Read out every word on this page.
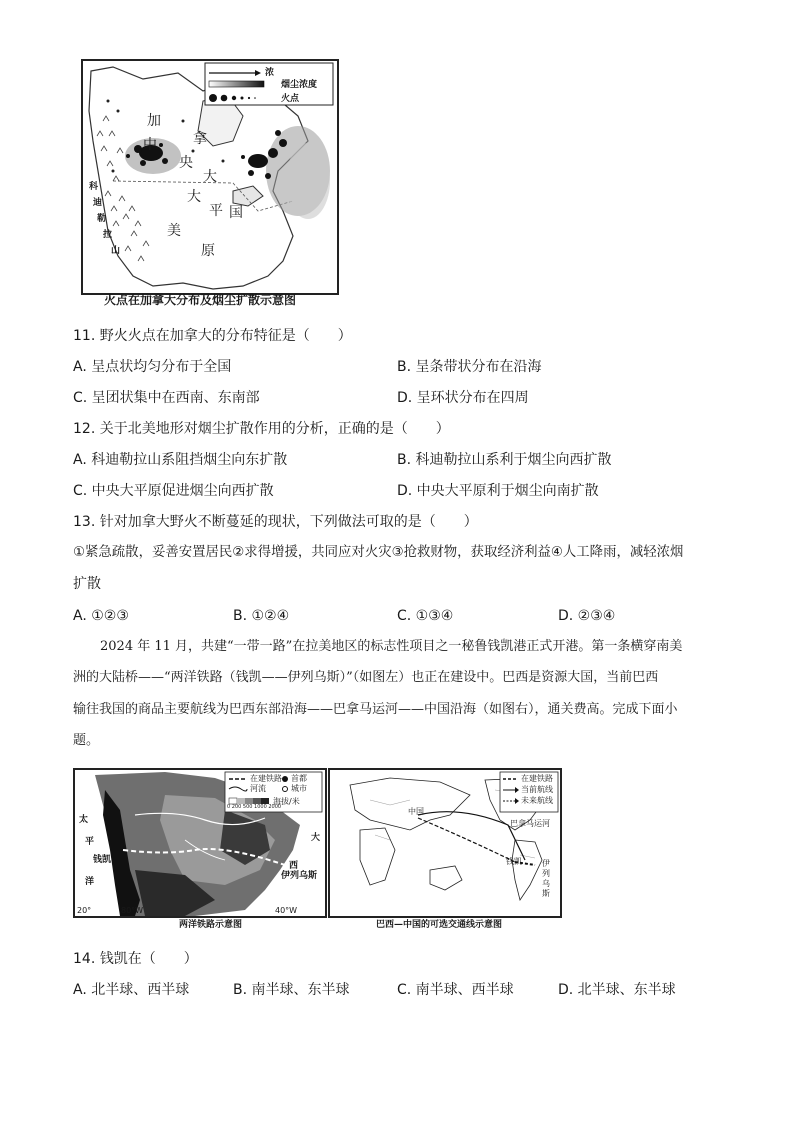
浓
烟尘浓度
火点
加
拿
大
中
央
大
平
原
美
国
科
迪
勒
拉
山
火点在加拿大分布及烟尘扩散示意图
11. 野火火点在加拿大的分布特征是（　　）
A. 呈点状均匀分布于全国	B. 呈条带状分布在沿海
C. 呈团状集中在西南、东南部	D. 呈环状分布在四周
12. 关于北美地形对烟尘扩散作用的分析，正确的是（　　）
A. 科迪勒拉山系阻挡烟尘向东扩散	B. 科迪勒拉山系利于烟尘向西扩散
C. 中央大平原促进烟尘向西扩散	D. 中央大平原利于烟尘向南扩散
13. 针对加拿大野火不断蔓延的现状，下列做法可取的是（　　）
①紧急疏散，妥善安置居民②求得增援，共同应对火灾③抢救财物，获取经济利益④人工降雨，减轻浓烟
扩散
A. ①②③	B. ①②④	C. ①③④	D. ②③④
2024 年 11 月，共建“一带一路”在拉美地区的标志性项目之一秘鲁钱凯港正式开港。第一条横穿南美
洲的大陆桥——“两洋铁路（钱凯——伊列乌斯）”（如图左）也正在建设中。巴西是资源大国，当前巴西
输往我国的商品主要航线为巴西东部沿海——巴拿马运河——中国沿海（如图右），通关费高。完成下面小
题。
在建铁路 首都
河流	城市
0 200 500 1000 2000
海拔/米
太
平
洋
钱凯
大
西
伊列乌斯
20°	80°W	40°W
两洋铁路示意图
在建铁路
当前航线
未来航线
中国
巴拿马运河
钱凯	伊
列
乌
斯
巴西—中国的可选交通线示意图
14. 钱凯在（　　）
A. 北半球、西半球	B. 南半球、东半球	C. 南半球、西半球	D. 北半球、东半球
